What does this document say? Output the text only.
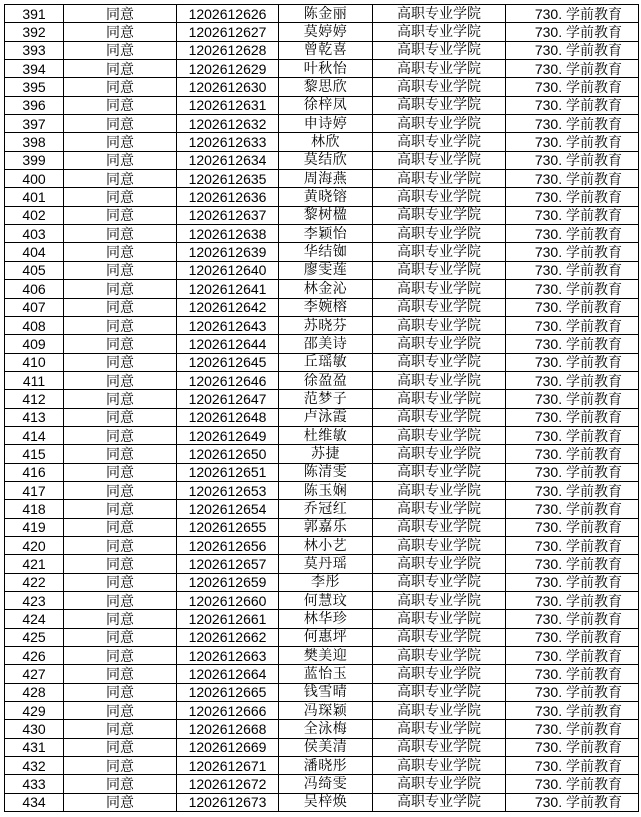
391	同意	1202612626	陈金丽	高职专业学院	730. 学前教育
392	同意	1202612627	莫婷婷	高职专业学院	730. 学前教育
393	同意	1202612628	曾乾喜	高职专业学院	730. 学前教育
394	同意	1202612629	叶秋怡	高职专业学院	730. 学前教育
395	同意	1202612630	黎思欣	高职专业学院	730. 学前教育
396	同意	1202612631	徐梓凤	高职专业学院	730. 学前教育
397	同意	1202612632	申诗婷	高职专业学院	730. 学前教育
398	同意	1202612633	林欣	高职专业学院	730. 学前教育
399	同意	1202612634	莫结欣	高职专业学院	730. 学前教育
400	同意	1202612635	周海燕	高职专业学院	730. 学前教育
401	同意	1202612636	黄晓镕	高职专业学院	730. 学前教育
402	同意	1202612637	黎树楹	高职专业学院	730. 学前教育
403	同意	1202612638	李颖怡	高职专业学院	730. 学前教育
404	同意	1202612639	华结铷	高职专业学院	730. 学前教育
405	同意	1202612640	廖雯莲	高职专业学院	730. 学前教育
406	同意	1202612641	林金沁	高职专业学院	730. 学前教育
407	同意	1202612642	李婉榕	高职专业学院	730. 学前教育
408	同意	1202612643	苏晓芬	高职专业学院	730. 学前教育
409	同意	1202612644	邵美诗	高职专业学院	730. 学前教育
410	同意	1202612645	丘瑶敏	高职专业学院	730. 学前教育
411	同意	1202612646	徐盈盈	高职专业学院	730. 学前教育
412	同意	1202612647	范梦子	高职专业学院	730. 学前教育
413	同意	1202612648	卢泳霞	高职专业学院	730. 学前教育
414	同意	1202612649	杜维敏	高职专业学院	730. 学前教育
415	同意	1202612650	苏捷	高职专业学院	730. 学前教育
416	同意	1202612651	陈清雯	高职专业学院	730. 学前教育
417	同意	1202612653	陈玉娴	高职专业学院	730. 学前教育
418	同意	1202612654	乔冠红	高职专业学院	730. 学前教育
419	同意	1202612655	郭嘉乐	高职专业学院	730. 学前教育
420	同意	1202612656	林小艺	高职专业学院	730. 学前教育
421	同意	1202612657	莫丹瑶	高职专业学院	730. 学前教育
422	同意	1202612659	李彤	高职专业学院	730. 学前教育
423	同意	1202612660	何慧玟	高职专业学院	730. 学前教育
424	同意	1202612661	林华珍	高职专业学院	730. 学前教育
425	同意	1202612662	何惠坪	高职专业学院	730. 学前教育
426	同意	1202612663	樊美迎	高职专业学院	730. 学前教育
427	同意	1202612664	蓝怡玉	高职专业学院	730. 学前教育
428	同意	1202612665	钱雪晴	高职专业学院	730. 学前教育
429	同意	1202612666	冯琛颖	高职专业学院	730. 学前教育
430	同意	1202612668	全泳梅	高职专业学院	730. 学前教育
431	同意	1202612669	侯美清	高职专业学院	730. 学前教育
432	同意	1202612671	潘晓彤	高职专业学院	730. 学前教育
433	同意	1202612672	冯绮雯	高职专业学院	730. 学前教育
434	同意	1202612673	吴梓焕	高职专业学院	730. 学前教育
